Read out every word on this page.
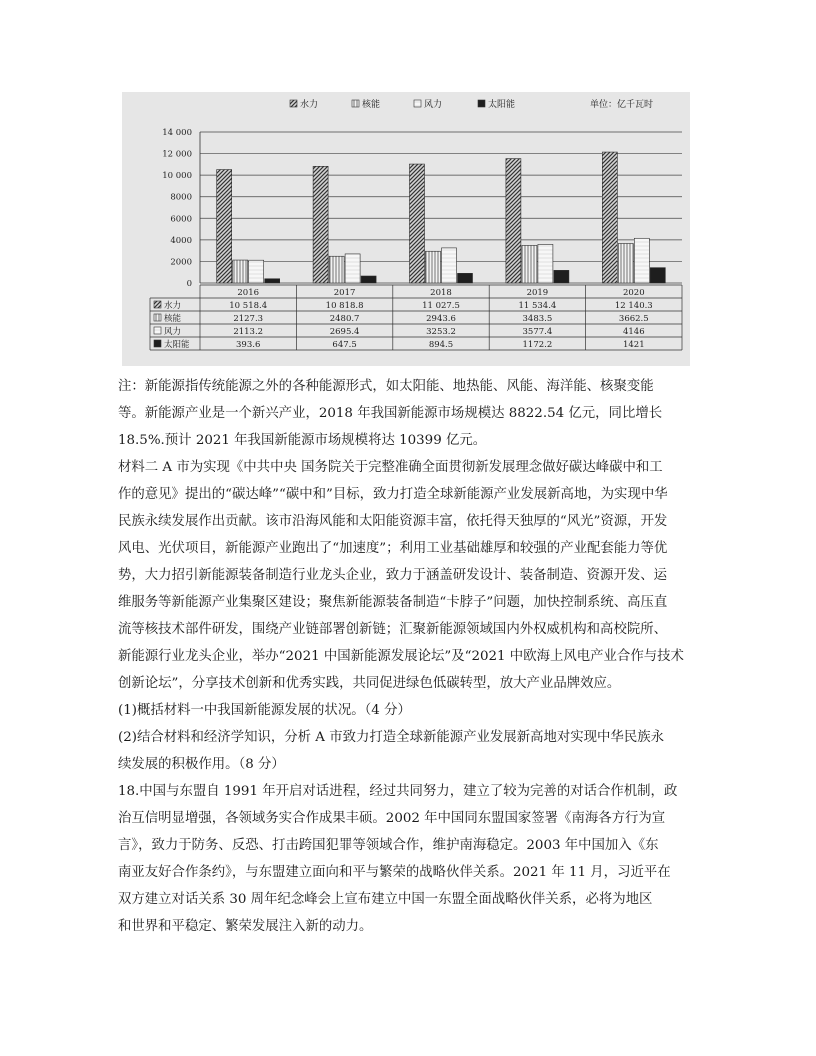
水力	核能	风力	太阳能	单位：亿千瓦时
0
2000
4000
6000
8000
10 000
12 000
14 000
2016	2017	2018	2019	2020
水力	10 518.4	10 818.8	11 027.5	11 534.4	12 140.3
核能	2127.3	2480.7	2943.6	3483.5	3662.5
风力	2113.2	2695.4	3253.2	3577.4	4146
太阳能	393.6	647.5	894.5	1172.2	1421

注：新能源指传统能源之外的各种能源形式，如太阳能、地热能、风能、海洋能、核聚变能
等。新能源产业是一个新兴产业，2018 年我国新能源市场规模达 8822.54 亿元，同比增长
18.5%.预计 2021 年我国新能源市场规模将达 10399 亿元。

材料二 A 市为实现《中共中央 国务院关于完整准确全面贯彻新发展理念做好碳达峰碳中和工
作的意见》提出的“碳达峰”“碳中和”目标，致力打造全球新能源产业发展新高地，为实现中华
民族永续发展作出贡献。该市沿海风能和太阳能资源丰富，依托得天独厚的“风光”资源，开发
风电、光伏项目，新能源产业跑出了“加速度”；利用工业基础雄厚和较强的产业配套能力等优
势，大力招引新能源装备制造行业龙头企业，致力于涵盖研发设计、装备制造、资源开发、运
维服务等新能源产业集聚区建设；聚焦新能源装备制造“卡脖子”问题，加快控制系统、高压直
流等核技术部件研发，围绕产业链部署创新链；汇聚新能源领域国内外权威机构和高校院所、
新能源行业龙头企业，举办“2021 中国新能源发展论坛”及“2021 中欧海上风电产业合作与技术
创新论坛”，分享技术创新和优秀实践，共同促进绿色低碳转型，放大产业品牌效应。

(1)概括材料一中我国新能源发展的状况。（4 分）

(2)结合材料和经济学知识，分析 A 市致力打造全球新能源产业发展新高地对实现中华民族永
续发展的积极作用。（8 分）

18.中国与东盟自 1991 年开启对话进程，经过共同努力，建立了较为完善的对话合作机制，政
治互信明显增强，各领域务实合作成果丰硕。2002 年中国同东盟国家签署《南海各方行为宣
言》，致力于防务、反恐、打击跨国犯罪等领域合作，维护南海稳定。2003 年中国加入《东
南亚友好合作条约》，与东盟建立面向和平与繁荣的战略伙伴关系。2021 年 11 月，习近平在
双方建立对话关系 30 周年纪念峰会上宣布建立中国一东盟全面战略伙伴关系，必将为地区
和世界和平稳定、繁荣发展注入新的动力。
